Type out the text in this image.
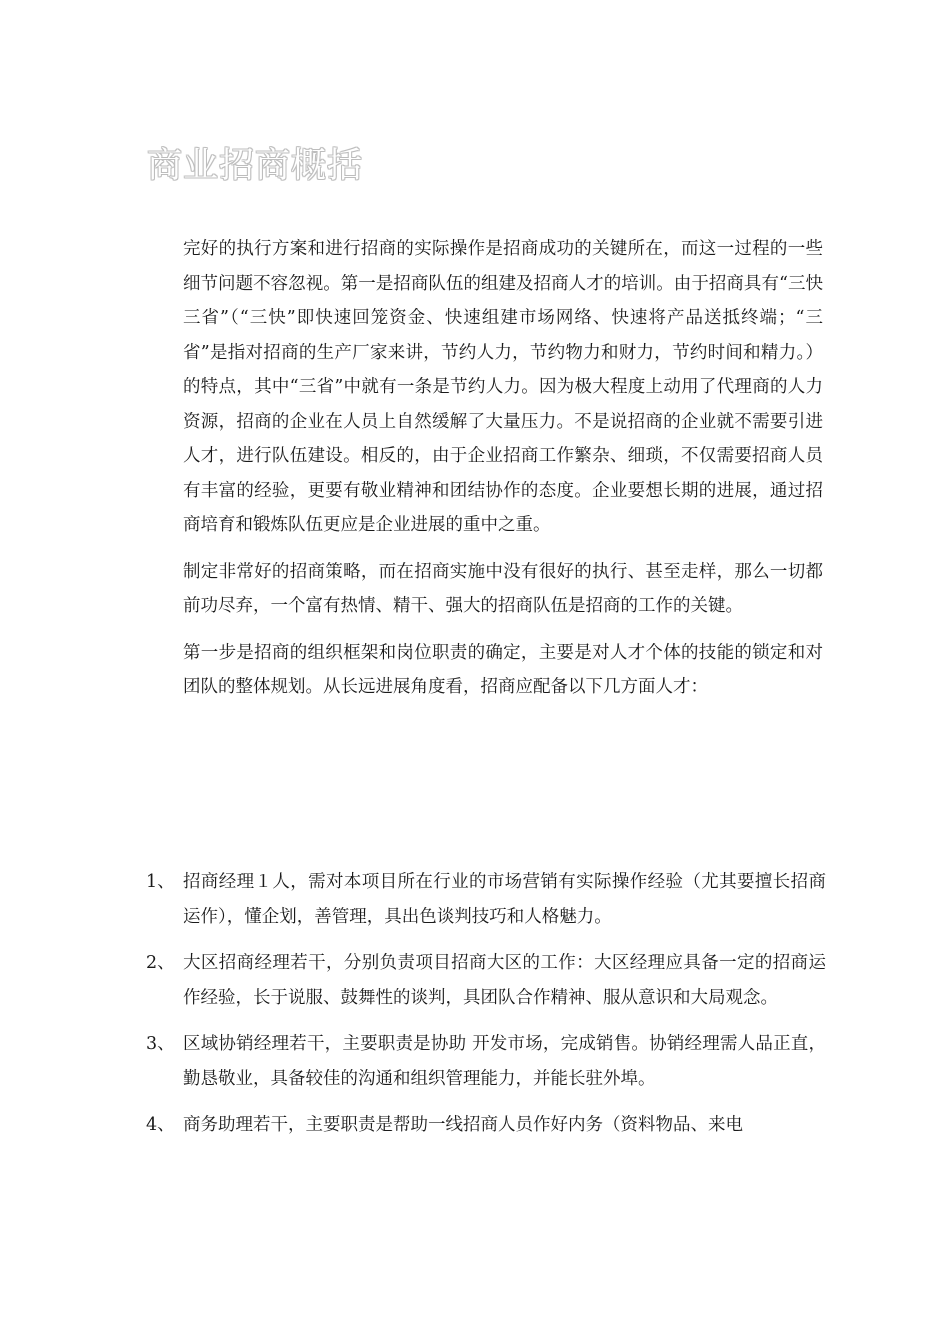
商业招商概括

完好的执行方案和进行招商的实际操作是招商成功的关键所在，而这一过程的一些细节问题不容忽视。第一是招商队伍的组建及招商人才的培训。由于招商具有“三快三省”（“三快”即快速回笼资金、快速组建市场网络、快速将产品送抵终端；“三省”是指对招商的生产厂家来讲，节约人力，节约物力和财力，节约时间和精力。）的特点，其中“三省”中就有一条是节约人力。因为极大程度上动用了代理商的人力资源，招商的企业在人员上自然缓解了大量压力。不是说招商的企业就不需要引进人才，进行队伍建设。相反的，由于企业招商工作繁杂、细琐，不仅需要招商人员有丰富的经验，更要有敬业精神和团结协作的态度。企业要想长期的进展，通过招商培育和锻炼队伍更应是企业进展的重中之重。

制定非常好的招商策略，而在招商实施中没有很好的执行、甚至走样，那么一切都前功尽弃，一个富有热情、精干、强大的招商队伍是招商的工作的关键。

第一步是招商的组织框架和岗位职责的确定，主要是对人才个体的技能的锁定和对团队的整体规划。从长远进展角度看，招商应配备以下几方面人才：

1、 招商经理１人，需对本项目所在行业的市场营销有实际操作经验（尤其要擅长招商运作），懂企划，善管理，具出色谈判技巧和人格魅力。
2、 大区招商经理若干，分别负责项目招商大区的工作：大区经理应具备一定的招商运作经验，长于说服、鼓舞性的谈判，具团队合作精神、服从意识和大局观念。
3、 区域协销经理若干，主要职责是协助 开发市场，完成销售。协销经理需人品正直，勤恳敬业，具备较佳的沟通和组织管理能力，并能长驻外埠。
4、 商务助理若干，主要职责是帮助一线招商人员作好内务（资料物品、来电
